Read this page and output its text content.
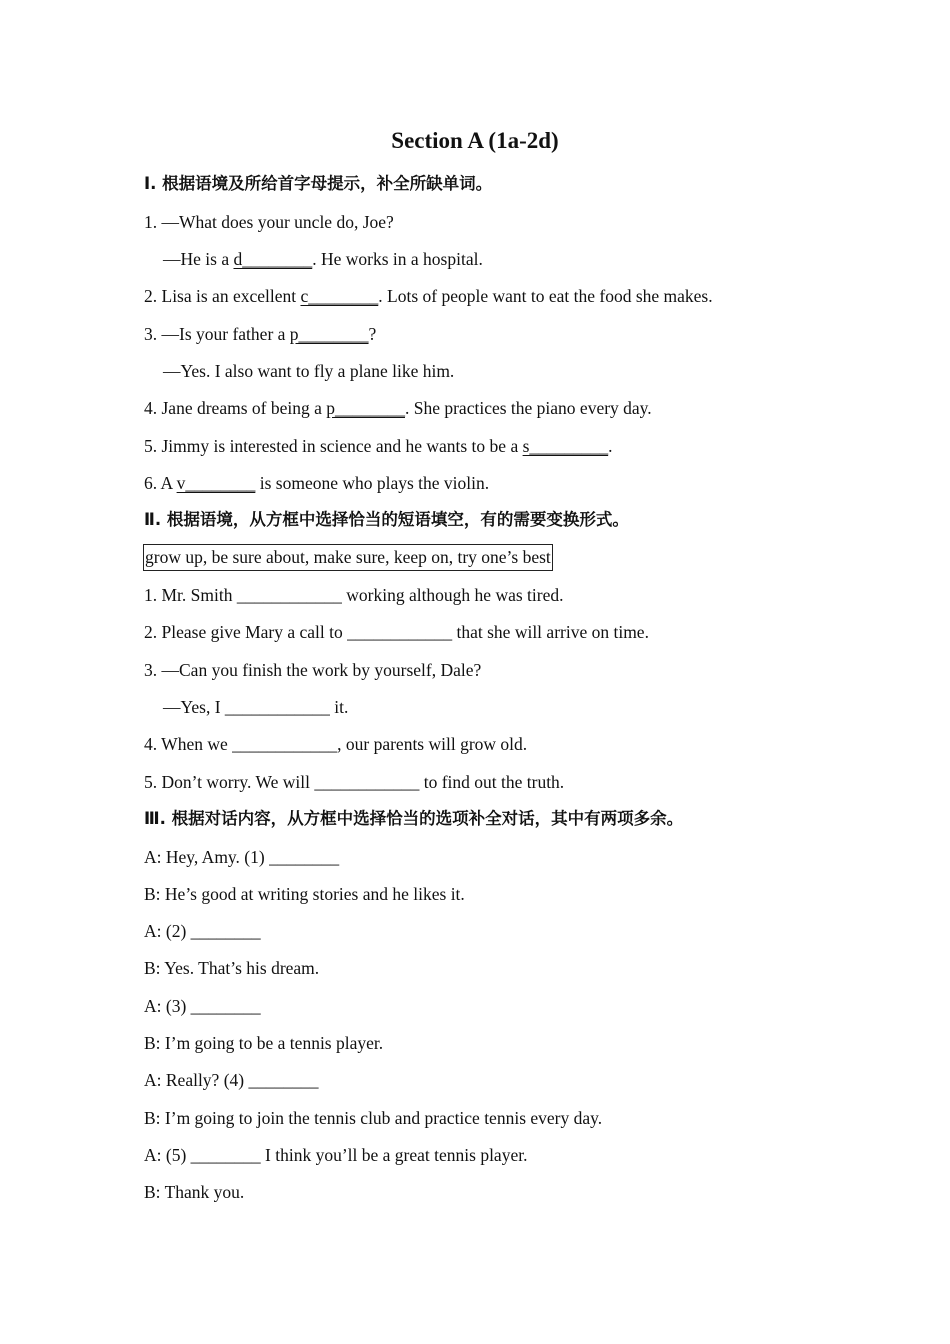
Section A (1a-2d)
Ⅰ. 根据语境及所给首字母提示，补全所缺单词。
1. —What does your uncle do, Joe?
—He is a d________. He works in a hospital.
2. Lisa is an excellent c________. Lots of people want to eat the food she makes.
3. —Is your father a p________?
—Yes. I also want to fly a plane like him.
4. Jane dreams of being a p________. She practices the piano every day.
5. Jimmy is interested in science and he wants to be a s_________.
6. A v________ is someone who plays the violin.
Ⅱ. 根据语境，从方框中选择恰当的短语填空，有的需要变换形式。
grow up, be sure about, make sure, keep on, try one’s best
1. Mr. Smith ____________ working although he was tired.
2. Please give Mary a call to ____________ that she will arrive on time.
3. —Can you finish the work by yourself, Dale?
—Yes, I ____________ it.
4. When we ____________, our parents will grow old.
5. Don’t worry. We will ____________ to find out the truth.
Ⅲ. 根据对话内容，从方框中选择恰当的选项补全对话，其中有两项多余。
A: Hey, Amy. (1) ________
B: He’s good at writing stories and he likes it.
A: (2) ________
B: Yes. That’s his dream.
A: (3) ________
B: I’m going to be a tennis player.
A: Really? (4) ________
B: I’m going to join the tennis club and practice tennis every day.
A: (5) ________ I think you’ll be a great tennis player.
B: Thank you.
